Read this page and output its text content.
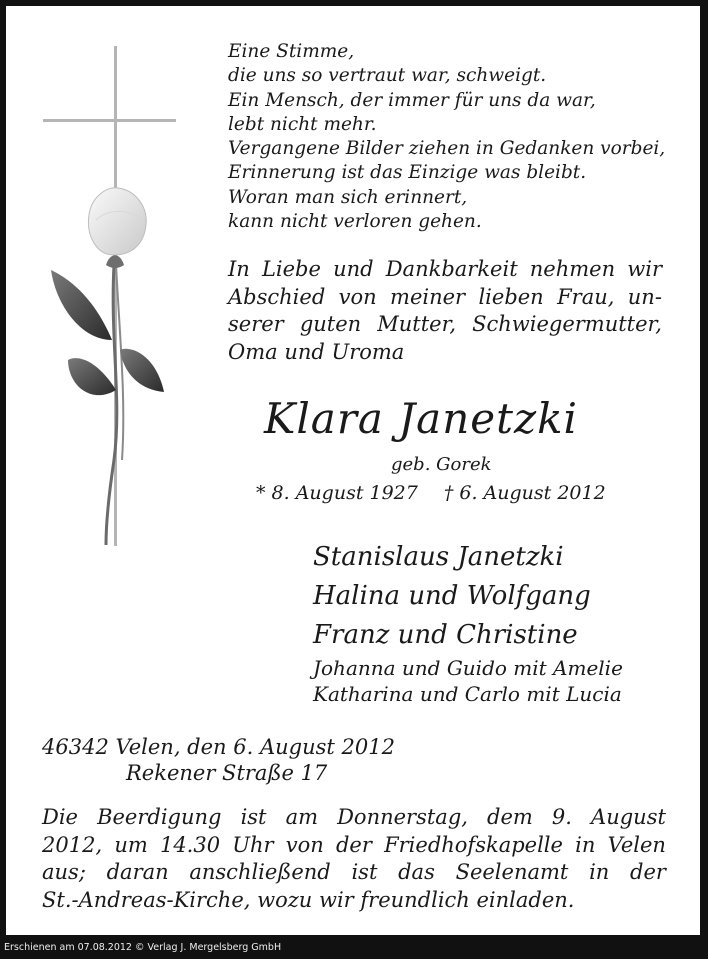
Eine Stimme,
die uns so vertraut war, schweigt.
Ein Mensch, der immer für uns da war,
lebt nicht mehr.
Vergangene Bilder ziehen in Gedanken vorbei,
Erinnerung ist das Einzige was bleibt.
Woran man sich erinnert,
kann nicht verloren gehen.
In Liebe und Dankbarkeit nehmen wir
Abschied von meiner lieben Frau, un-
serer guten Mutter, Schwiegermutter,
Oma und Uroma
Klara Janetzki
geb. Gorek
* 8. August 1927 † 6. August 2012
Stanislaus Janetzki
Halina und Wolfgang
Franz und Christine
Johanna und Guido mit Amelie
Katharina und Carlo mit Lucia
46342 Velen, den 6. August 2012
Rekener Straße 17
Die Beerdigung ist am Donnerstag, dem 9. August
2012, um 14.30 Uhr von der Friedhofskapelle in Velen
aus; daran anschließend ist das Seelenamt in der
St.-Andreas-Kirche, wozu wir freundlich einladen.
Erschienen am 07.08.2012 © Verlag J. Mergelsberg GmbH
